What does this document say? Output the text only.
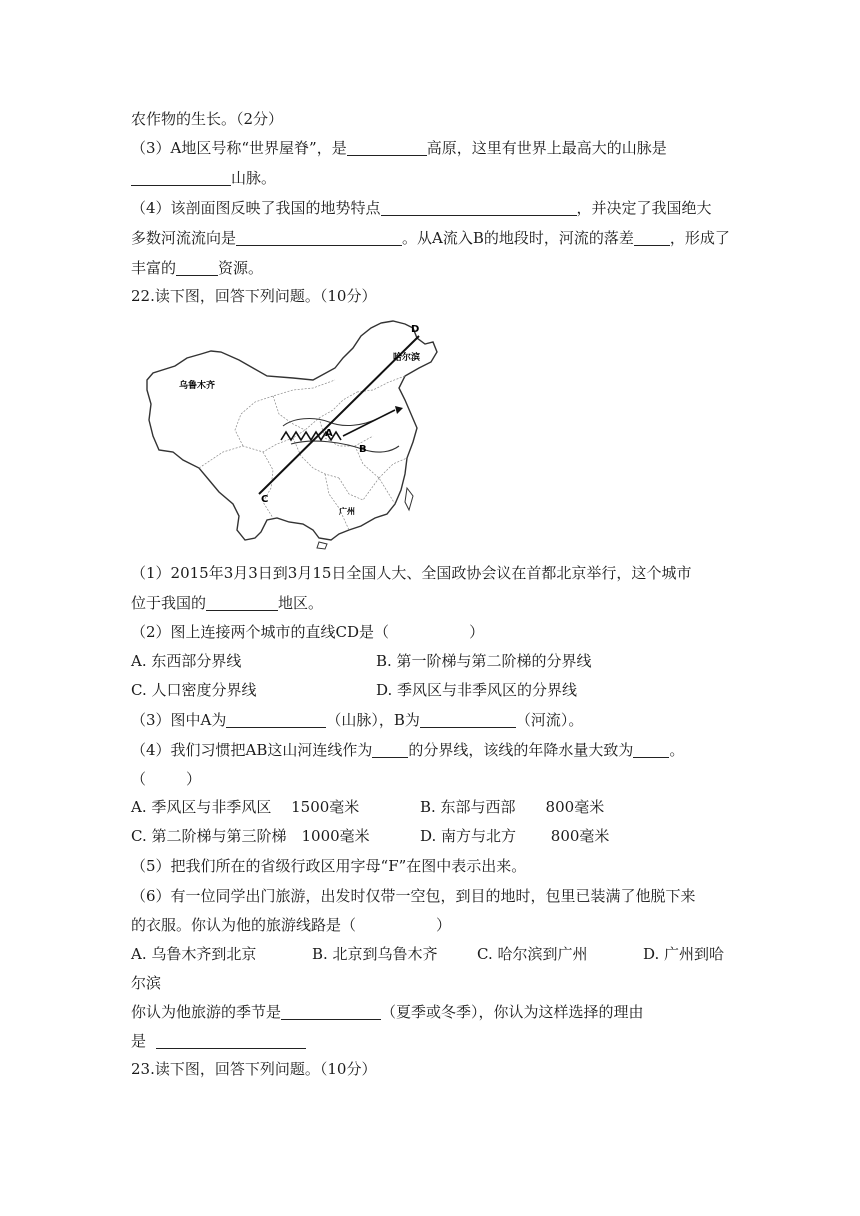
农作物的生长。（2分）
（3）A地区号称“世界屋脊”，是	高原，这里有世界上最高大的山脉是
山脉。
（4）该剖面图反映了我国的地势特点	，并决定了我国绝大
多数河流流向是	。从A流入B的地段时，河流的落差 ，形成了
丰富的	资源。
22.读下图，回答下列问题。（10分）
乌鲁木齐
哈尔滨
广州
A
B
C
D
（1）2015年3月3日到3月15日全国人大、全国政协会议在首都北京举行，这个城市
位于我国的	地区。
（2）图上连接两个城市的直线CD是（	）
A. 东西部分界线	B. 第一阶梯与第二阶梯的分界线
C. 人口密度分界线	D. 季风区与非季风区的分界线
（3）图中A为	（山脉），B为	（河流）。
（4）我们习惯把AB这山河连线作为 的分界线，该线的年降水量大致为 。
（	）
A. 季风区与非季风区　 1500毫米	B. 东部与西部　　800毫米
C. 第二阶梯与第三阶梯　1000毫米	D. 南方与北方　　 800毫米
（5）把我们所在的省级行政区用字母“F”在图中表示出来。
（6）有一位同学出门旅游，出发时仅带一空包，到目的地时，包里已装满了他脱下来
的衣服。你认为他的旅游线路是（	）
A. 乌鲁木齐到北京	B. 北京到乌鲁木齐	C. 哈尔滨到广州	D. 广州到哈
尔滨
你认为他旅游的季节是	（夏季或冬季），你认为这样选择的理由
是
23.读下图，回答下列问题。（10分）
